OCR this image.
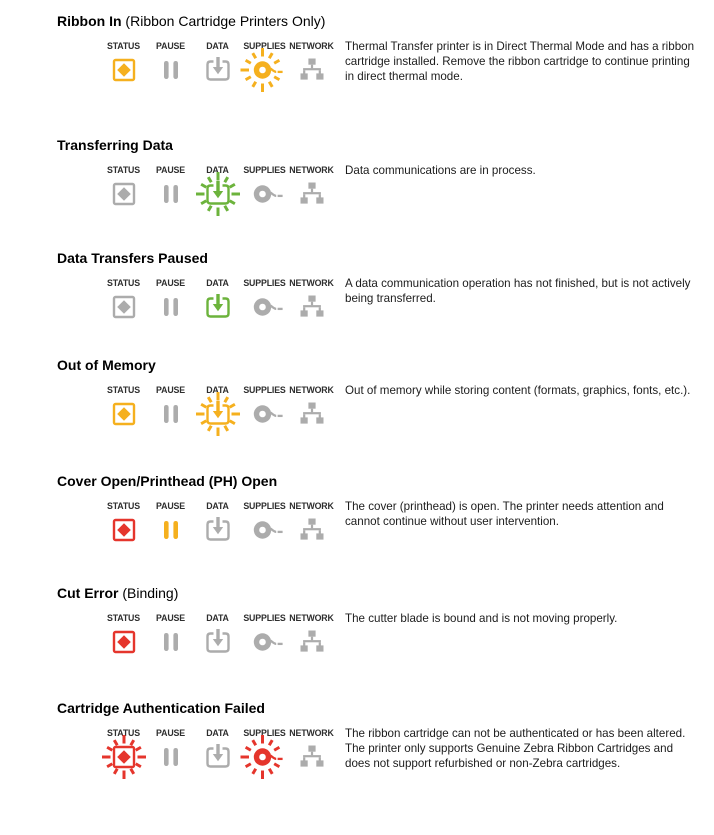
Ribbon In (Ribbon Cartridge Printers Only)
STATUS PAUSE DATA SUPPLIES NETWORK Thermal Transfer printer is in Direct Thermal Mode and has a ribbon cartridge installed. Remove the ribbon cartridge to continue printing in direct thermal mode.

Transferring Data
STATUS PAUSE DATA SUPPLIES NETWORK Data communications are in process.

Data Transfers Paused
STATUS PAUSE DATA SUPPLIES NETWORK A data communication operation has not finished, but is not actively being transferred.

Out of Memory
STATUS PAUSE DATA SUPPLIES NETWORK Out of memory while storing content (formats, graphics, fonts, etc.).

Cover Open/Printhead (PH) Open
STATUS PAUSE DATA SUPPLIES NETWORK The cover (printhead) is open. The printer needs attention and cannot continue without user intervention.

Cut Error (Binding)
STATUS PAUSE DATA SUPPLIES NETWORK The cutter blade is bound and is not moving properly.

Cartridge Authentication Failed
STATUS PAUSE DATA SUPPLIES NETWORK The ribbon cartridge can not be authenticated or has been altered. The printer only supports Genuine Zebra Ribbon Cartridges and does not support refurbished or non-Zebra cartridges.
